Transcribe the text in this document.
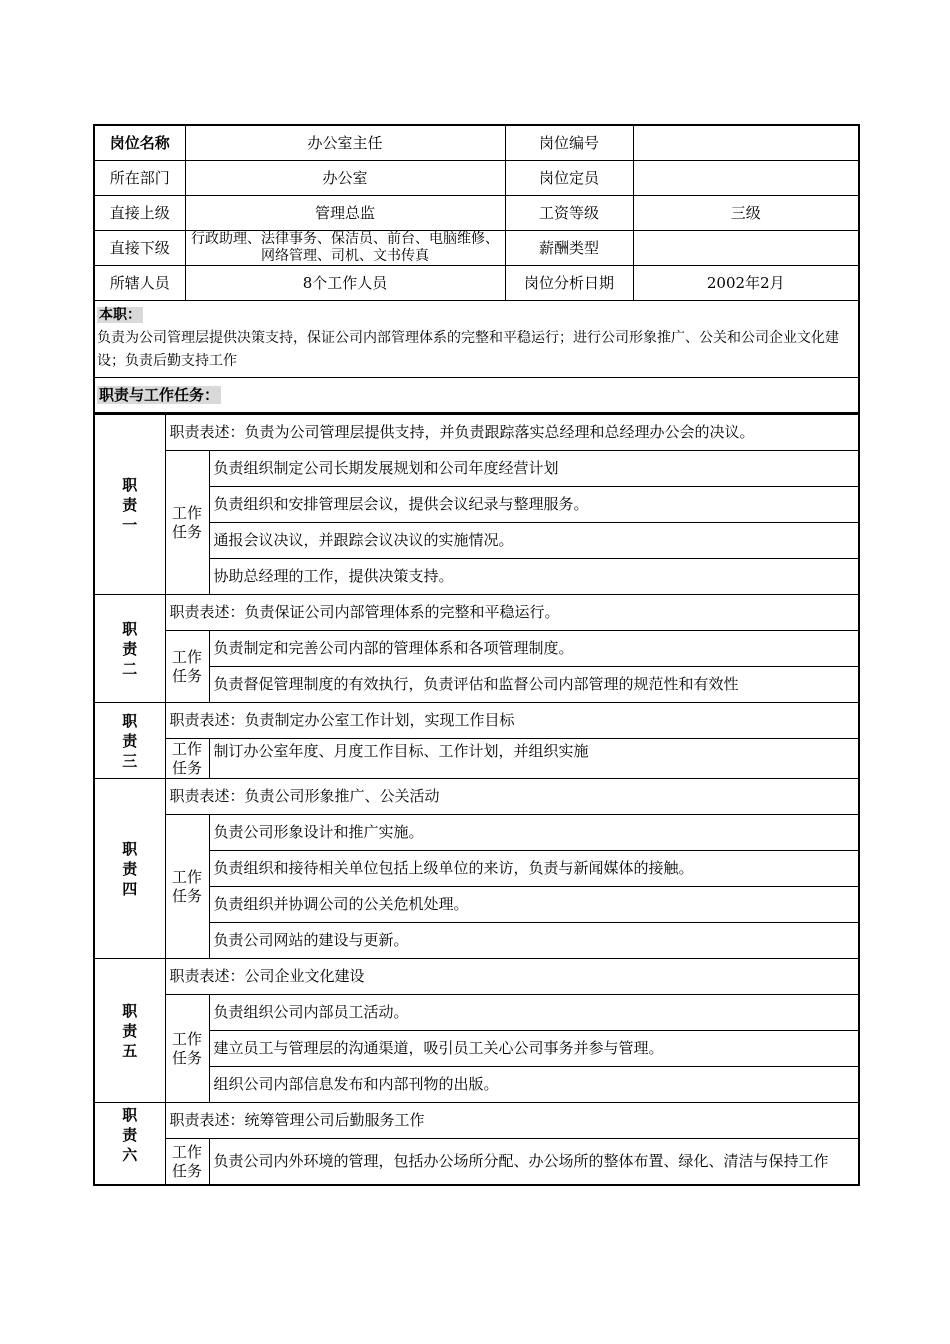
岗位名称	办公室主任	岗位编号	
所在部门	办公室	岗位定员	
直接上级	管理总监	工资等级	三级
直接下级	行政助理、法律事务、保洁员、前台、电脑维修、网络管理、司机、文书传真	薪酬类型	
所辖人员	8个工作人员	岗位分析日期	2002年2月
本职：
负责为公司管理层提供决策支持，保证公司内部管理体系的完整和平稳运行；进行公司形象推广、公关和公司企业文化建设；负责后勤支持工作			
职责与工作任务：			
职责一	职责表述：负责为公司管理层提供支持，并负责跟踪落实总经理和总经理办公会的决议。	

	工作任务	负责组织制定公司长期发展规划和公司年度经营计划
		负责组织和安排管理层会议，提供会议纪录与整理服务。
		通报会议决议，并跟踪会议决议的实施情况。
		协助总经理的工作，提供决策支持。

职责二	职责表述：负责保证公司内部管理体系的完整和平稳运行。	

	工作任务	负责制定和完善公司内部的管理体系和各项管理制度。
		负责督促管理制度的有效执行，负责评估和监督公司内部管理的规范性和有效性

职责三	职责表述：负责制定办公室工作计划，实现工作目标	

	工作任务	制订办公室年度、月度工作目标、工作计划，并组织实施

职责四	职责表述：负责公司形象推广、公关活动	

	工作任务	负责公司形象设计和推广实施。
		负责组织和接待相关单位包括上级单位的来访，负责与新闻媒体的接触。
		负责组织并协调公司的公关危机处理。
		负责公司网站的建设与更新。

职责五	职责表述：公司企业文化建设	

	工作任务	负责组织公司内部员工活动。
		建立员工与管理层的沟通渠道，吸引员工关心公司事务并参与管理。
		组织公司内部信息发布和内部刊物的出版。

职责六	职责表述：统筹管理公司后勤服务工作	

	工作任务	负责公司内外环境的管理，包括办公场所分配、办公场所的整体布置、绿化、清洁与保持工作
